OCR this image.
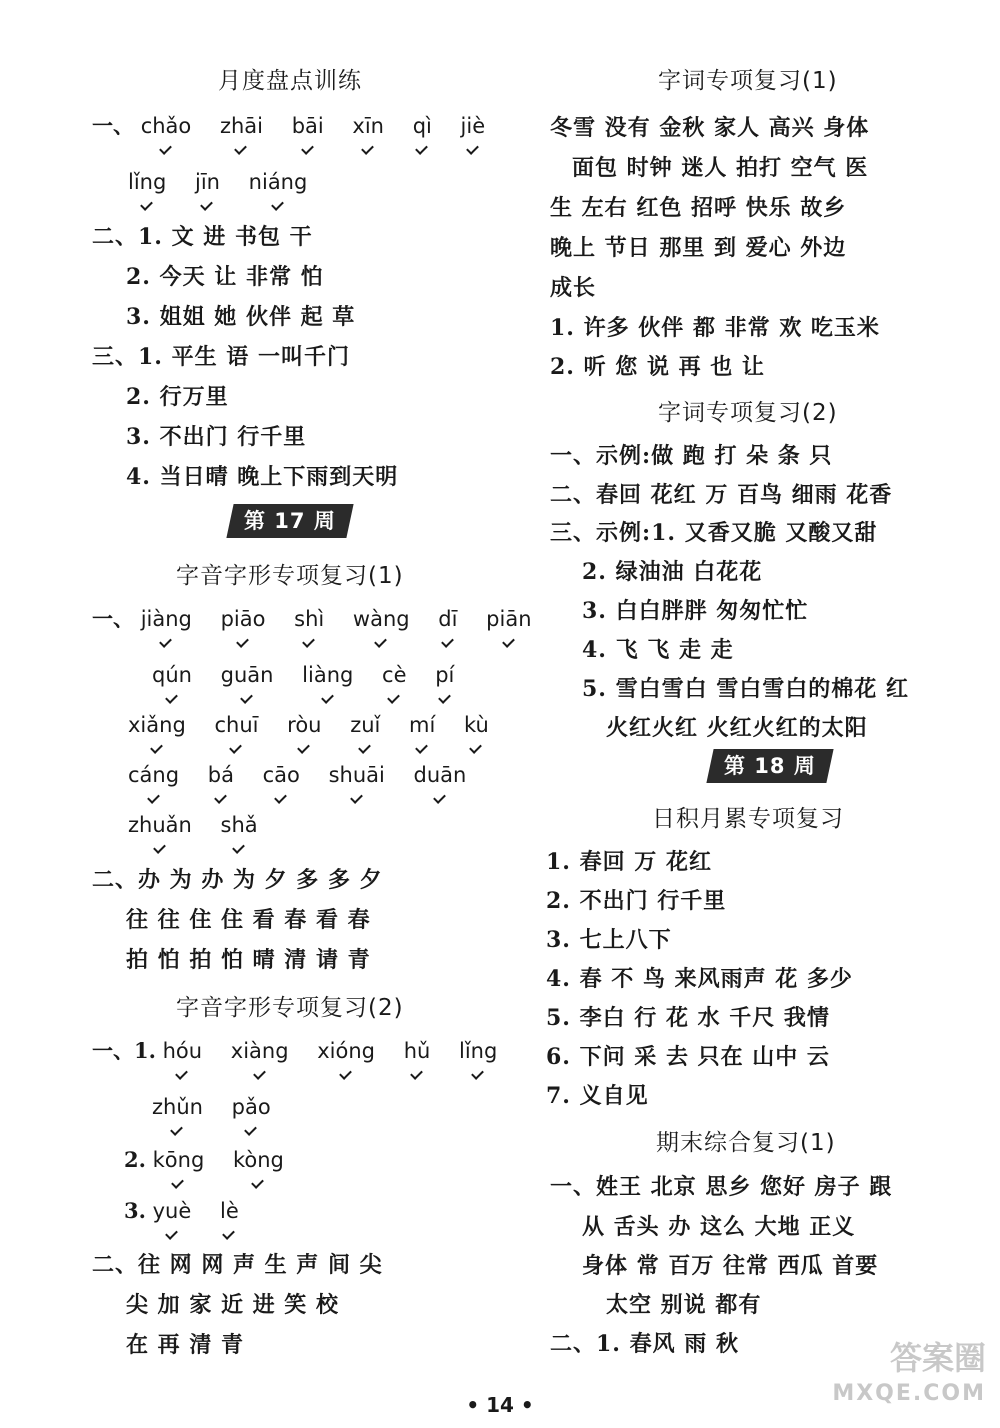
月度盘点训练
一、 chǎo zhāi bāi xīn qì jiè
lǐng jīn niáng
二、1. 文 进 书包 干
2. 今天 让 非常 怕
3. 姐姐 她 伙伴 起 草
三、1. 平生 语 一叫千门
2. 行万里
3. 不出门 行千里
4. 当日晴 晚上下雨到天明
第 17 周
字音字形专项复习(1)
一、 jiàng piāo shì wàng dī piān
qún guān liàng cè pí
xiǎng chuī ròu zuǐ mí kù
cáng bá cāo shuāi duān
zhuǎn shǎ
二、办 为 办 为 夕 多 多 夕
往 往 住 住 看 春 看 春
拍 怕 拍 怕 晴 清 请 青
字音字形专项复习(2)
一、1. hóu xiàng xióng hǔ lǐng
zhǔn pǎo
2. kōng kòng
3. yuè lè
二、往 网 网 声 生 声 间 尖
尖 加 家 近 进 笑 校
在 再 清 青
字词专项复习(1)
冬雪 没有 金秋 家人 高兴 身体
面包 时钟 迷人 拍打 空气 医
生 左右 红色 招呼 快乐 故乡
晚上 节日 那里 到 爱心 外边
成长
1. 许多 伙伴 都 非常 欢 吃玉米
2. 听 您 说 再 也 让
字词专项复习(2)
一、示例:做 跑 打 朵 条 只
二、春回 花红 万 百鸟 细雨 花香
三、示例:1. 又香又脆 又酸又甜
2. 绿油油 白花花
3. 白白胖胖 匆匆忙忙
4. 飞 飞 走 走
5. 雪白雪白 雪白雪白的棉花 红
火红火红 火红火红的太阳
第 18 周
日积月累专项复习
1. 春回 万 花红
2. 不出门 行千里
3. 七上八下
4. 春 不 鸟 来风雨声 花 多少
5. 李白 行 花 水 千尺 我情
6. 下问 采 去 只在 山中 云
7. 义自见
期末综合复习(1)
一、姓王 北京 思乡 您好 房子 跟
从 舌头 办 这么 大地 正义
身体 常 百万 往常 西瓜 首要
太空 别说 都有
二、1. 春风 雨 秋
• 14 •
答案圈
MXQE.COM
